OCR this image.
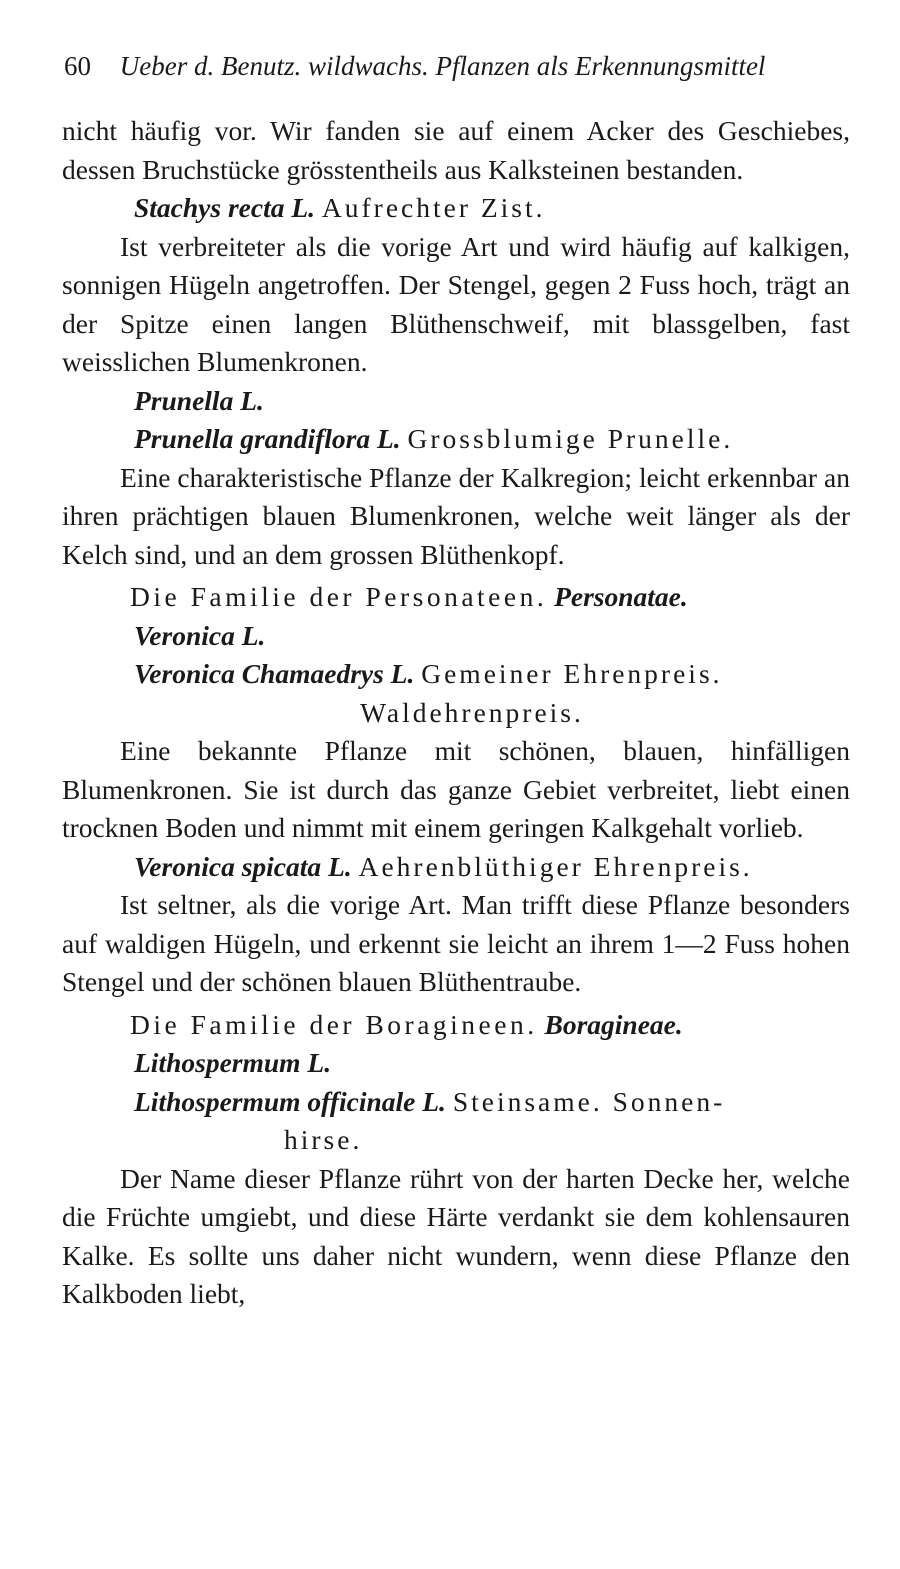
60 Ueber d. Benutz. wildwachs. Pflanzen als Erkennungsmittel

nicht häufig vor. Wir fanden sie auf einem Acker des Geschiebes, dessen Bruchstücke grösstentheils aus Kalksteinen bestanden.

Stachys recta L. Aufrechter Zist.

Ist verbreiteter als die vorige Art und wird häufig auf kalkigen, sonnigen Hügeln angetroffen. Der Stengel, gegen 2 Fuss hoch, trägt an der Spitze einen langen Blüthenschweif, mit blassgelben, fast weisslichen Blumenkronen.

Prunella L.

Prunella grandiflora L. Grossblumige Prunelle.

Eine charakteristische Pflanze der Kalkregion; leicht erkennbar an ihren prächtigen blauen Blumenkronen, welche weit länger als der Kelch sind, und an dem grossen Blüthenkopf.

Die Familie der Personateen. Personatae.

Veronica L.

Veronica Chamaedrys L. Gemeiner Ehrenpreis.
Waldehrenpreis.

Eine bekannte Pflanze mit schönen, blauen, hinfälligen Blumenkronen. Sie ist durch das ganze Gebiet verbreitet, liebt einen trocknen Boden und nimmt mit einem geringen Kalkgehalt vorlieb.

Veronica spicata L. Aehrenblüthiger Ehrenpreis.

Ist seltner, als die vorige Art. Man trifft diese Pflanze besonders auf waldigen Hügeln, und erkennt sie leicht an ihrem 1—2 Fuss hohen Stengel und der schönen blauen Blüthentraube.

Die Familie der Boragineen. Boragineae.

Lithospermum L.

Lithospermum officinale L. Steinsame. Sonnen-
hirse.

Der Name dieser Pflanze rührt von der harten Decke her, welche die Früchte umgiebt, und diese Härte verdankt sie dem kohlensauren Kalke. Es sollte uns daher nicht wundern, wenn diese Pflanze den Kalkboden liebt,
